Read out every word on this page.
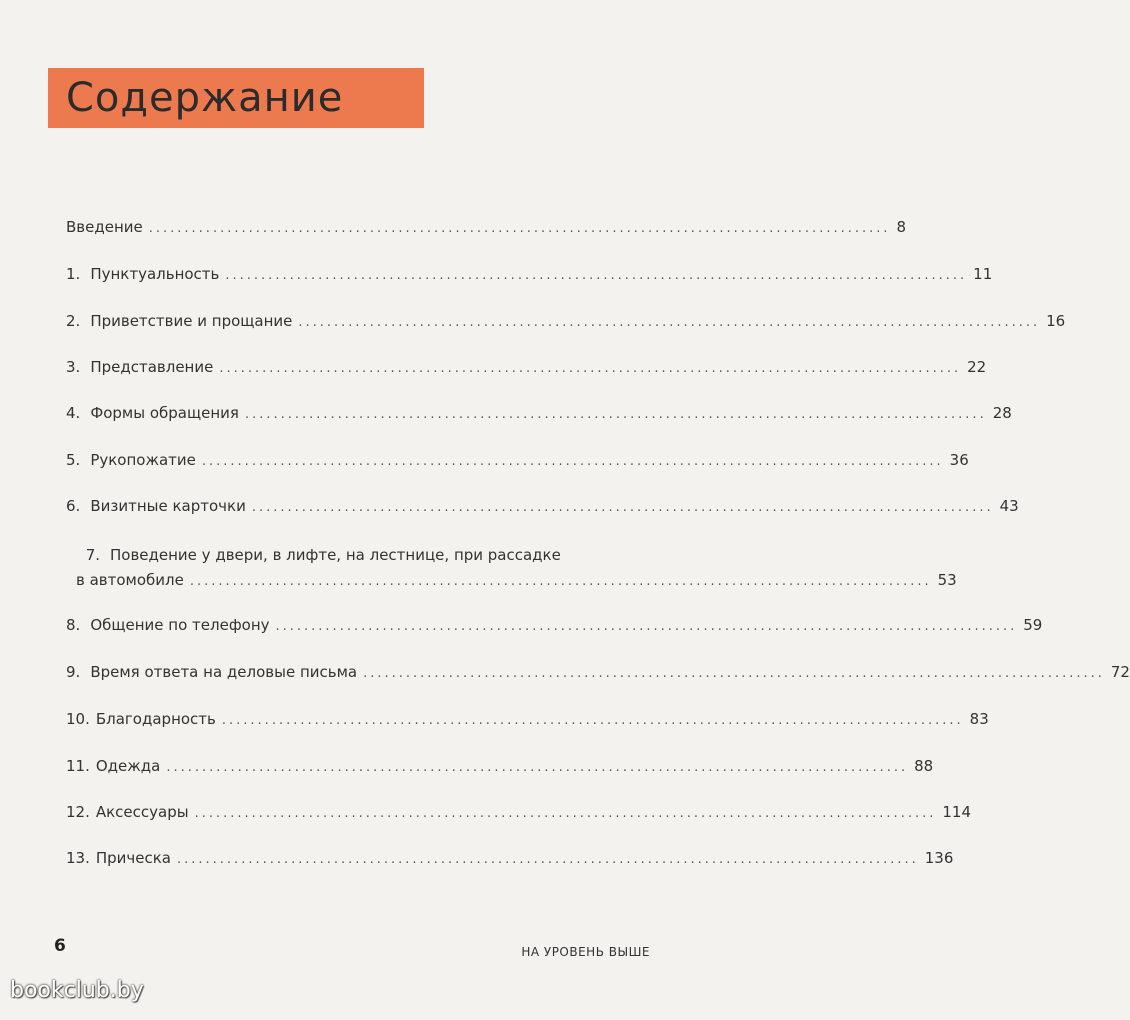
Содержание
Введение ........................................................................................................ 8
1. Пунктуальность ........................................................................................................ 11
2. Приветствие и прощание ........................................................................................................ 16
3. Представление ........................................................................................................ 22
4. Формы обращения ........................................................................................................ 28
5. Рукопожатие ........................................................................................................ 36
6. Визитные карточки ........................................................................................................ 43
7. Поведение у двери, в лифте, на лестнице, при рассадке
в автомобиле ........................................................................................................ 53
8. Общение по телефону ........................................................................................................ 59
9. Время ответа на деловые письма ........................................................................................................ 72
10. Благодарность ........................................................................................................ 83
11. Одежда ........................................................................................................ 88
12. Аксессуары ........................................................................................................ 114
13. Прическа ........................................................................................................ 136
6	НА УРОВЕНЬ ВЫШЕ
bookclub.by
